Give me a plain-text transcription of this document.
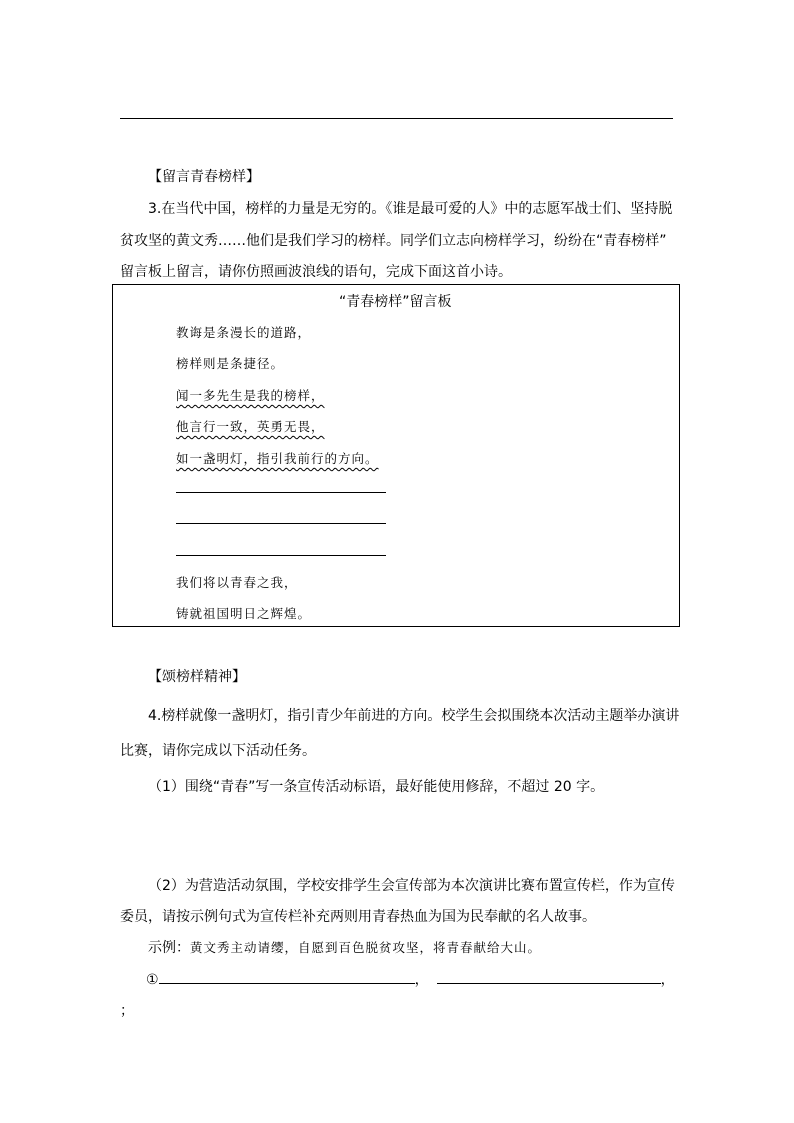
【留言青春榜样】
3.在当代中国，榜样的力量是无穷的。《谁是最可爱的人》中的志愿军战士们、坚持脱
贫攻坚的黄文秀……他们是我们学习的榜样。同学们立志向榜样学习，纷纷在“青春榜样”
留言板上留言，请你仿照画波浪线的语句，完成下面这首小诗。
“青春榜样”留言板
教诲是条漫长的道路，
榜样则是条捷径。
闻一多先生是我的榜样，
他言行一致，英勇无畏，
如一盏明灯，指引我前行的方向。
我们将以青春之我，
铸就祖国明日之辉煌。
【颂榜样精神】
4.榜样就像一盏明灯，指引青少年前进的方向。校学生会拟围绕本次活动主题举办演讲
比赛，请你完成以下活动任务。
（1）围绕“青春”写一条宣传活动标语，最好能使用修辞，不超过 20 字。
（2）为营造活动氛围，学校安排学生会宣传部为本次演讲比赛布置宣传栏，作为宣传
委员，请按示例句式为宣传栏补充两则用青春热血为国为民奉献的名人故事。
示例：黄文秀主动请缨，自愿到百色脱贫攻坚，将青春献给大山。
①	，	，
；
